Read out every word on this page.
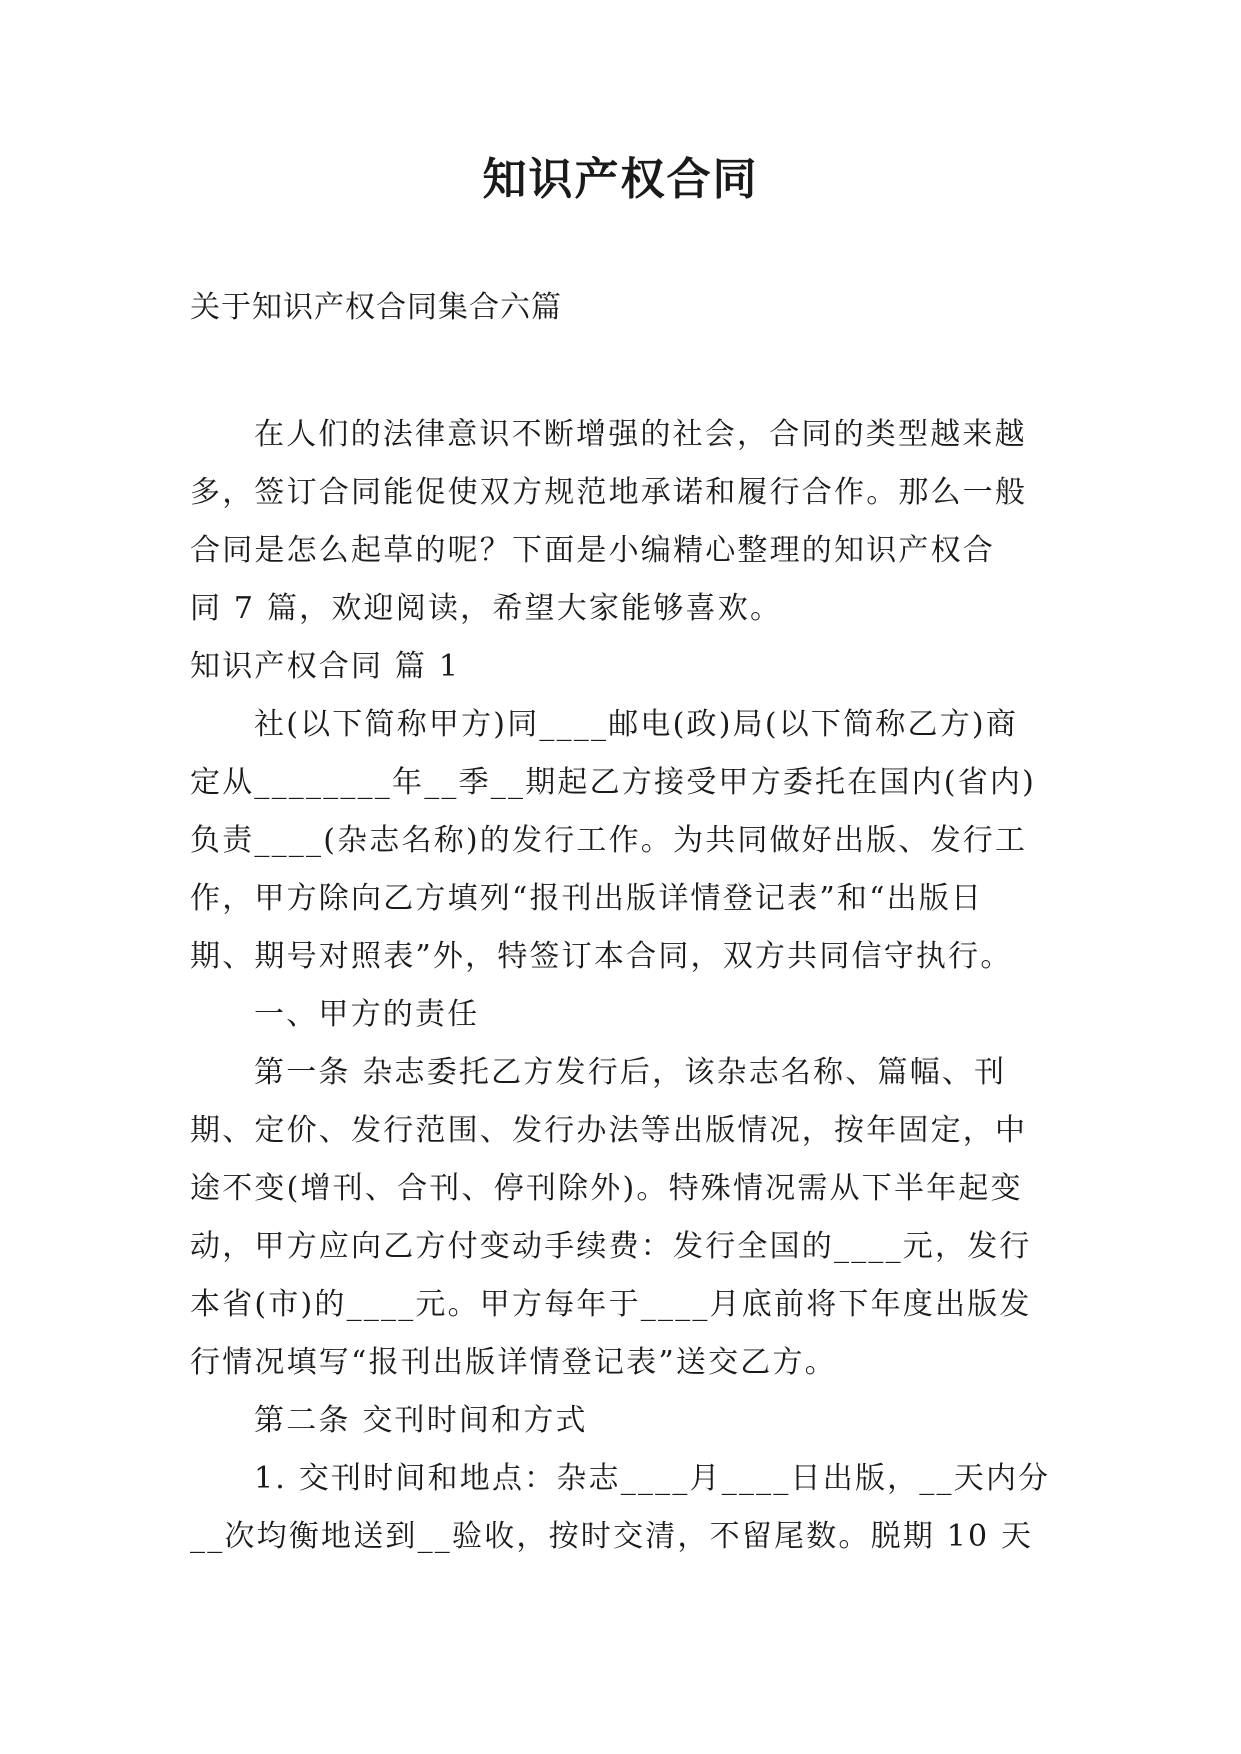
知识产权合同
关于知识产权合同集合六篇

在人们的法律意识不断增强的社会，合同的类型越来越

多，签订合同能促使双方规范地承诺和履行合作。那么一般

合同是怎么起草的呢？下面是小编精心整理的知识产权合

同 7 篇，欢迎阅读，希望大家能够喜欢。

知识产权合同 篇 1

社(以下简称甲方)同____邮电(政)局(以下简称乙方)商

定从________年__季__期起乙方接受甲方委托在国内(省内)

负责____(杂志名称)的发行工作。为共同做好出版、发行工

作，甲方除向乙方填列“报刊出版详情登记表”和“出版日

期、期号对照表”外，特签订本合同，双方共同信守执行。

一、甲方的责任

第一条 杂志委托乙方发行后，该杂志名称、篇幅、刊

期、定价、发行范围、发行办法等出版情况，按年固定，中

途不变(增刊、合刊、停刊除外)。特殊情况需从下半年起变

动，甲方应向乙方付变动手续费：发行全国的____元，发行

本省(市)的____元。甲方每年于____月底前将下年度出版发

行情况填写“报刊出版详情登记表”送交乙方。

第二条 交刊时间和方式

1. 交刊时间和地点：杂志____月____日出版，__天内分

__次均衡地送到__验收，按时交清，不留尾数。脱期 10 天
